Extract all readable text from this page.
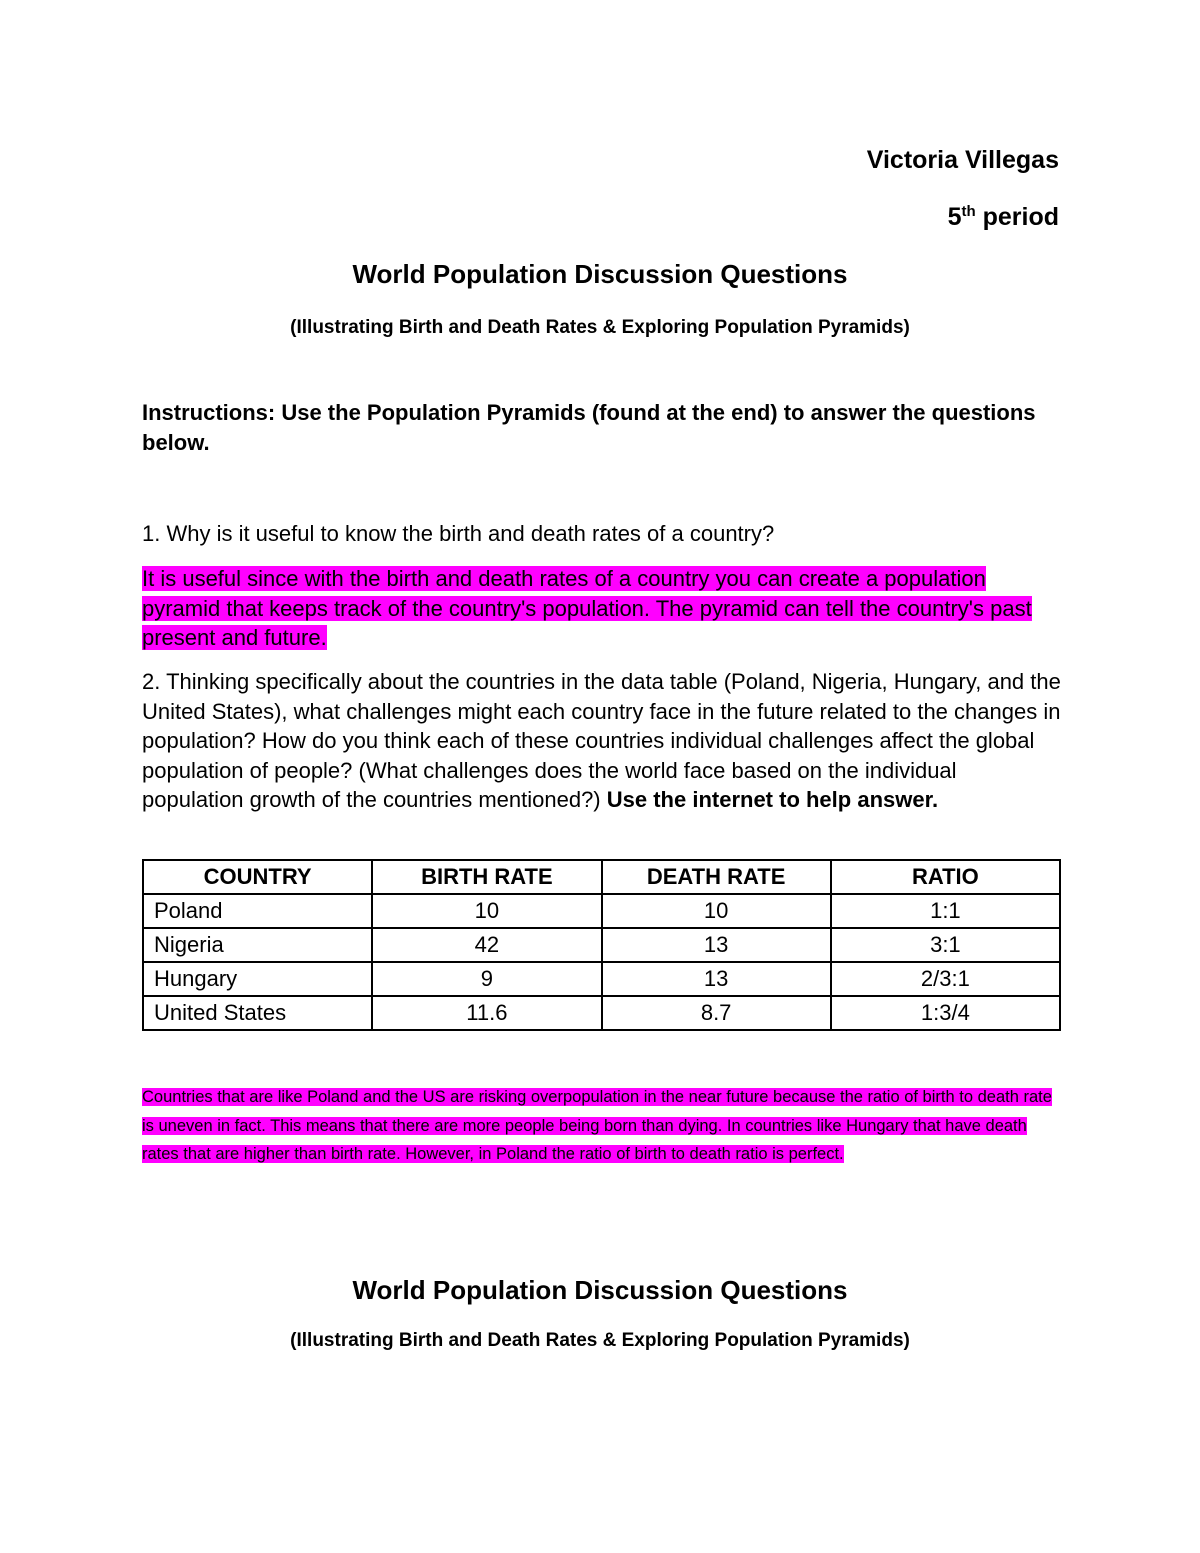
Victoria Villegas
5th period
World Population Discussion Questions
(Illustrating Birth and Death Rates & Exploring Population Pyramids)
Instructions: Use the Population Pyramids (found at the end) to answer the questions below.
1. Why is it useful to know the birth and death rates of a country?
It is useful since with the birth and death rates of a country you can create a population pyramid that keeps track of the country's population. The pyramid can tell the country's past present and future.
2. Thinking specifically about the countries in the data table (Poland, Nigeria, Hungary, and the United States), what challenges might each country face in the future related to the changes in population? How do you think each of these countries individual challenges affect the global population of people? (What challenges does the world face based on the individual population growth of the countries mentioned?) Use the internet to help answer.
COUNTRY	BIRTH RATE	DEATH RATE	RATIO
Poland	10	10	1:1
Nigeria	42	13	3:1
Hungary	9	13	2/3:1
United States	11.6	8.7	1:3/4
Countries that are like Poland and the US are risking overpopulation in the near future because the ratio of birth to death rate is uneven in fact. This means that there are more people being born than dying. In countries like Hungary that have death rates that are higher than birth rate. However, in Poland the ratio of birth to death ratio is perfect.
World Population Discussion Questions
(Illustrating Birth and Death Rates & Exploring Population Pyramids)
